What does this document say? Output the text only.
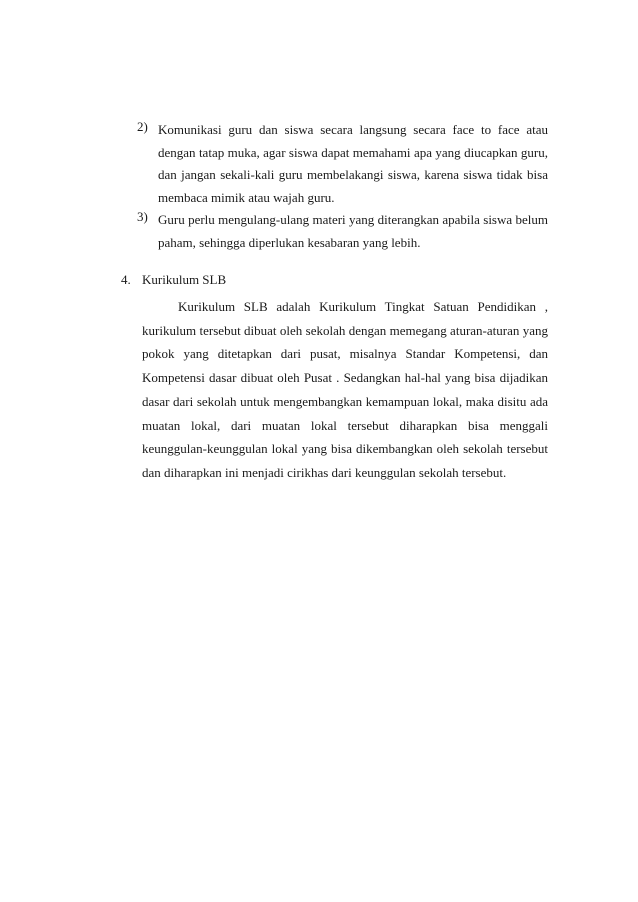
2) Komunikasi guru dan siswa secara langsung secara face to face atau
dengan tatap muka, agar siswa dapat memahami apa yang diucapkan guru,
dan jangan sekali-kali guru membelakangi siswa, karena siswa tidak bisa
membaca mimik atau wajah guru.
3) Guru perlu mengulang-ulang materi yang diterangkan apabila siswa belum
paham, sehingga diperlukan kesabaran yang lebih.
4. Kurikulum SLB
Kurikulum SLB adalah Kurikulum Tingkat Satuan Pendidikan ,
kurikulum tersebut dibuat oleh sekolah dengan memegang aturan-aturan yang
pokok yang ditetapkan dari pusat, misalnya Standar Kompetensi, dan
Kompetensi dasar dibuat oleh Pusat . Sedangkan hal-hal yang bisa dijadikan
dasar dari sekolah untuk mengembangkan kemampuan lokal, maka disitu ada
muatan lokal, dari muatan lokal tersebut diharapkan bisa menggali
keunggulan-keunggulan lokal yang bisa dikembangkan oleh sekolah tersebut
dan diharapkan ini menjadi cirikhas dari keunggulan sekolah tersebut.
